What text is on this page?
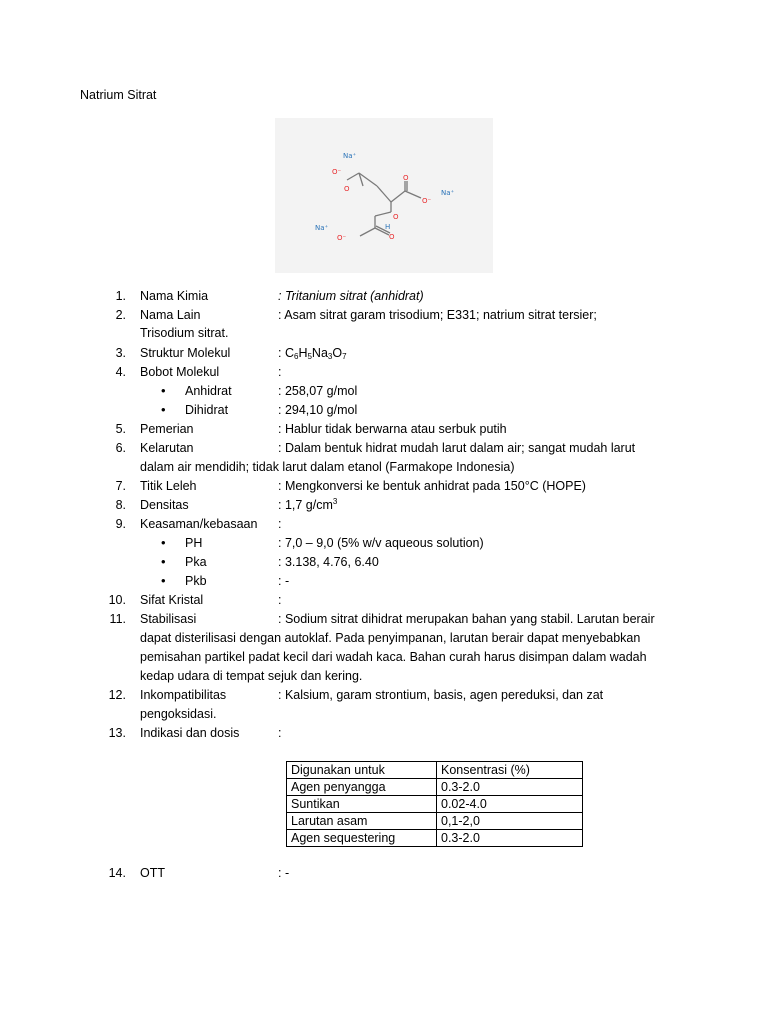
Natrium Sitrat
Na⁺
O⁻
O
O
O⁻
Na⁺
O
H
Na⁺
O⁻	O
1. Nama Kimia	: Tritanium sitrat (anhidrat)
2. Nama Lain	: Asam sitrat garam trisodium; E331; natrium sitrat tersier;
Trisodium sitrat.
3. Struktur Molekul	: $C_6H_5Na_3O_7$
4. Bobot Molekul	:
• Anhidrat	: 258,07 g/mol
• Dihidrat	: 294,10 g/mol
5. Pemerian	: Hablur tidak berwarna atau serbuk putih
6. Kelarutan	: Dalam bentuk hidrat mudah larut dalam air; sangat mudah larut
dalam air mendidih; tidak larut dalam etanol (Farmakope Indonesia)
7. Titik Leleh	: Mengkonversi ke bentuk anhidrat pada 150°C (HOPE)
8. Densitas	: 1,7 $g/cm^3$
9. Keasaman/kebasaan :
• PH	: 7,0 – 9,0 (5% w/v aqueous solution)
• Pka	: 3.138, 4.76, 6.40
• Pkb	: -
10. Sifat Kristal	:
11. Stabilisasi	: Sodium sitrat dihidrat merupakan bahan yang stabil. Larutan berair
dapat disterilisasi dengan autoklaf. Pada penyimpanan, larutan berair dapat menyebabkan
pemisahan partikel padat kecil dari wadah kaca. Bahan curah harus disimpan dalam wadah
kedap udara di tempat sejuk dan kering.
12. Inkompatibilitas	: Kalsium, garam strontium, basis, agen pereduksi, dan zat
pengoksidasi.
13. Indikasi dan dosis	:
Digunakan untuk	Konsentrasi (%)
Agen penyangga	0.3-2.0
Suntikan	0.02-4.0
Larutan asam	0,1-2,0
Agen sequestering	0.3-2.0
14. OTT	: -
